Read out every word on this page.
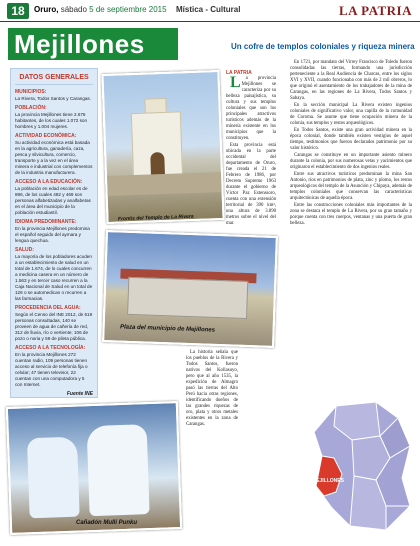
18	Oruro, sábado 5 de septiembre 2015 Mística - Cultural	LA PATRIA
Mejillones	Un cofre de templos coloniales y riqueza minera
DATOS GENERALES
MUNICIPIOS:

La Rivera, Todos Santos y Carangas.

POBLACIÓN:

La provincia Mejillones tiene 2.676 habitantes, de los cuales 1.072 son hombres y 1.004 mujeres.

ACTIVIDAD ECONÓMICA:

Su actividad económica está basada en la agricultura, ganadería, caza, pesca y silvicultura, comercio, transporte y a la vez en el área minera e industrial con complementos de la industria manufacturera.

ACCESO A LA EDUCACIÓN:

La población en edad escolar es de 896, de los cuales 482 y 469 son personas alfabetizadas y analfabetas en el área del municipio de la población estudiantil.

IDIOMA PREDOMINANTE:

En la provincia Mejillones predomina el español seguido del aymara y lengua quechua.

SALUD:

La mayoría de los pobladores acuden a un establecimiento de salud en un total de 1.674, de lo cuales concurren a medicina casera en un número de 1.563 y en tercer caso recurren a la Caja Nacional de Salud en un total de 126 o se automedican o recurren a las farmacias.

PROCEDENCIA DEL AGUA:

Según el Censo del INE 2012, de 619 personas consultadas, 140 se proveen de agua de cañería de red, 312 de lluvia, río o vertiente; 106 de pozo o noria y 59 de pileta pública.

ACCESO A LA TECNOLOGÍA:

En la provincia Mejillones 272 cuentan radio, 109 personas tienen acceso al servicio de telefonía fija o celular; 47 tienen televisor, 22 cuentan con una computadora y 5 con Internet.

Fuente INE
Frontis del Templo de La Rivera
LA PATRIA

L a provincia Mejillones se caracteriza por su belleza paisajística, su cultura y sus templos coloniales que son los principales atractivos turísticos además de la minería existente en los municipios que la constituyen.

Esta provincia está ubicada en la parte occidental del departamento de Oruro, fue creada el 21 de Febrero de 1986, por Decreto Supremo 1963 durante el gobierno de Víctor Paz Estenssoro, cuenta con una extensión territorial de 390 km², una altura de 3.890 metros sobre el nivel del mar.

Plaza del municipio de Mejillones

La historia señala que los pueblos de la Rivera y Todos Santos, fueron nativos del Kollasuyo, pero que al año 1535, la expedición de Almagro pasó las tierras del Alto Perú hacia otras regiones, identificando dueños de las grandes riquezas de oro, plata y otros metales existentes en la zona de Carangas.

En 1721, por mandato del Virrey Francisco de Toledo fueron consolidadas las tierras, formando una jurisdicción perteneciente a la Real Audiencia de Charcas, entre los siglos XVI y XVII, cuando funcionaba con más de 2 mil obreros, lo que originó el asentamiento de los trabajadores de la mina de Carangas, en las regiones de La Rivera, Todos Santos y Sabaya.

En la sección municipal La Rivera existen ingenios coloniales de significativo valor, una capilla de la comunidad de Coroma. Se asume que tiene ocupación minera de la colonia, sus templos y restos arqueológicos.

En Todos Santos, existe una gran actividad minera en la época colonial, donde también existen vestigios de aquel tiempo, testimonios que fueron declarados patrimonio por su valor histórico.

Carangas se constituye en un importante asiento minero durante la colonia, por sus numerosas vetas y yacimientos que originaron el establecimiento de dos ingenios reales.

Entre sus atractivos turísticos predominan la mina San Antonio, ríos en patrimonios de plata, zinc y plomo, los restos arqueológicos del templo de la Asunción y Chipaya, además de templos coloniales que conservan las características arquitectónicas de aquella época.

Entre las construcciones coloniales más importantes de la zona se destaca el templo de La Rivera, por su gran tamaño y porque cuenta con tres cuerpos, ventanas y una puerta de gran belleza.

Cañadón Mulli Punku
MEJILLONES
